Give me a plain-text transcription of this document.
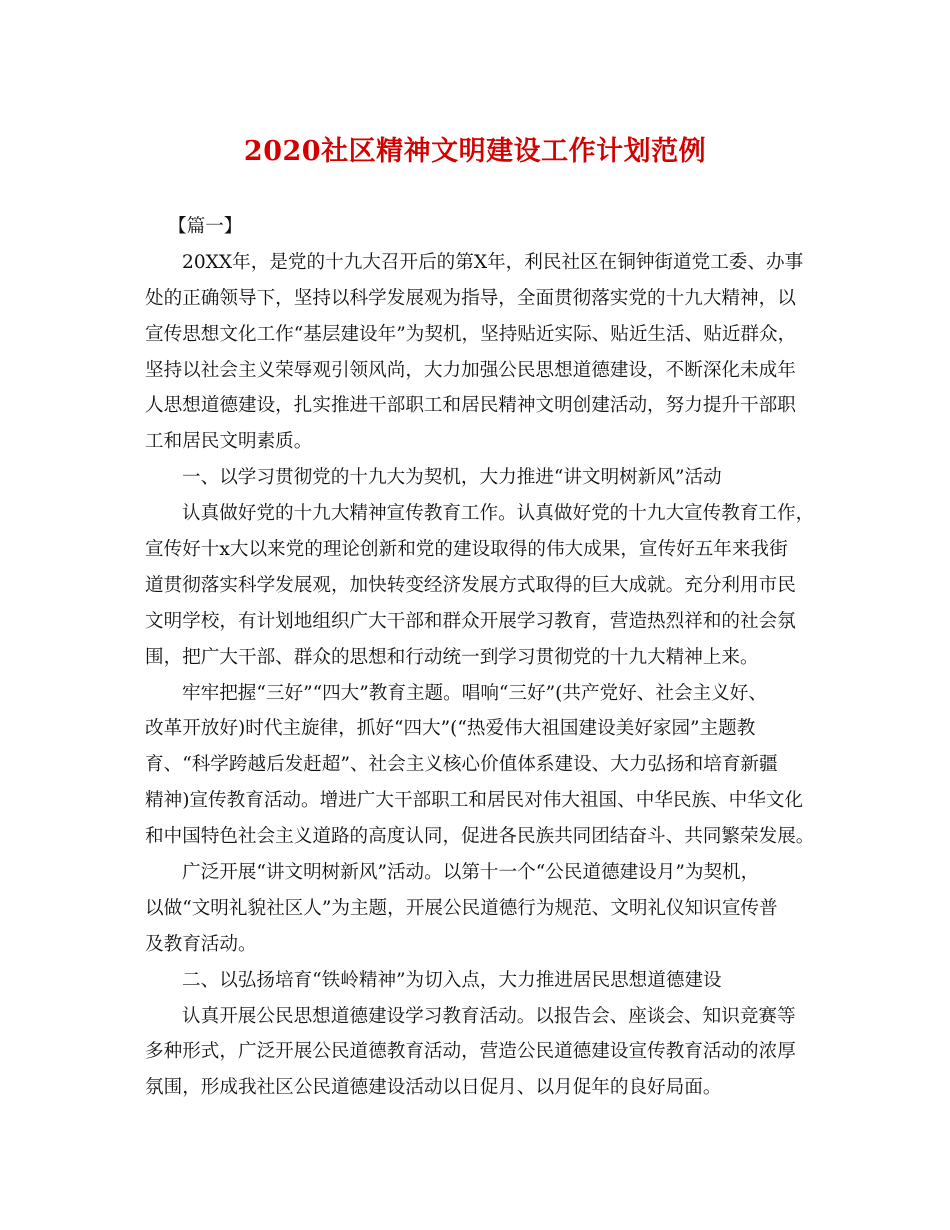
2020社区精神文明建设工作计划范例
【篇一】
20XX年，是党的十九大召开后的第X年，利民社区在铜钟街道党工委、办事
处的正确领导下，坚持以科学发展观为指导，全面贯彻落实党的十九大精神，以
宣传思想文化工作“基层建设年”为契机，坚持贴近实际、贴近生活、贴近群众，
坚持以社会主义荣辱观引领风尚，大力加强公民思想道德建设，不断深化未成年
人思想道德建设，扎实推进干部职工和居民精神文明创建活动，努力提升干部职
工和居民文明素质。
一、以学习贯彻党的十九大为契机，大力推进“讲文明树新风”活动
认真做好党的十九大精神宣传教育工作。认真做好党的十九大宣传教育工作，
宣传好十x大以来党的理论创新和党的建设取得的伟大成果，宣传好五年来我街
道贯彻落实科学发展观，加快转变经济发展方式取得的巨大成就。充分利用市民
文明学校，有计划地组织广大干部和群众开展学习教育，营造热烈祥和的社会氛
围，把广大干部、群众的思想和行动统一到学习贯彻党的十九大精神上来。
牢牢把握“三好”“四大”教育主题。唱响“三好”(共产党好、社会主义好、
改革开放好)时代主旋律，抓好“四大”(“热爱伟大祖国建设美好家园”主题教
育、“科学跨越后发赶超”、社会主义核心价值体系建设、大力弘扬和培育新疆
精神)宣传教育活动。增进广大干部职工和居民对伟大祖国、中华民族、中华文化
和中国特色社会主义道路的高度认同，促进各民族共同团结奋斗、共同繁荣发展。
广泛开展“讲文明树新风”活动。以第十一个“公民道德建设月”为契机，
以做“文明礼貌社区人”为主题，开展公民道德行为规范、文明礼仪知识宣传普
及教育活动。
二、以弘扬培育“铁岭精神”为切入点，大力推进居民思想道德建设
认真开展公民思想道德建设学习教育活动。以报告会、座谈会、知识竞赛等
多种形式，广泛开展公民道德教育活动，营造公民道德建设宣传教育活动的浓厚
氛围，形成我社区公民道德建设活动以日促月、以月促年的良好局面。
